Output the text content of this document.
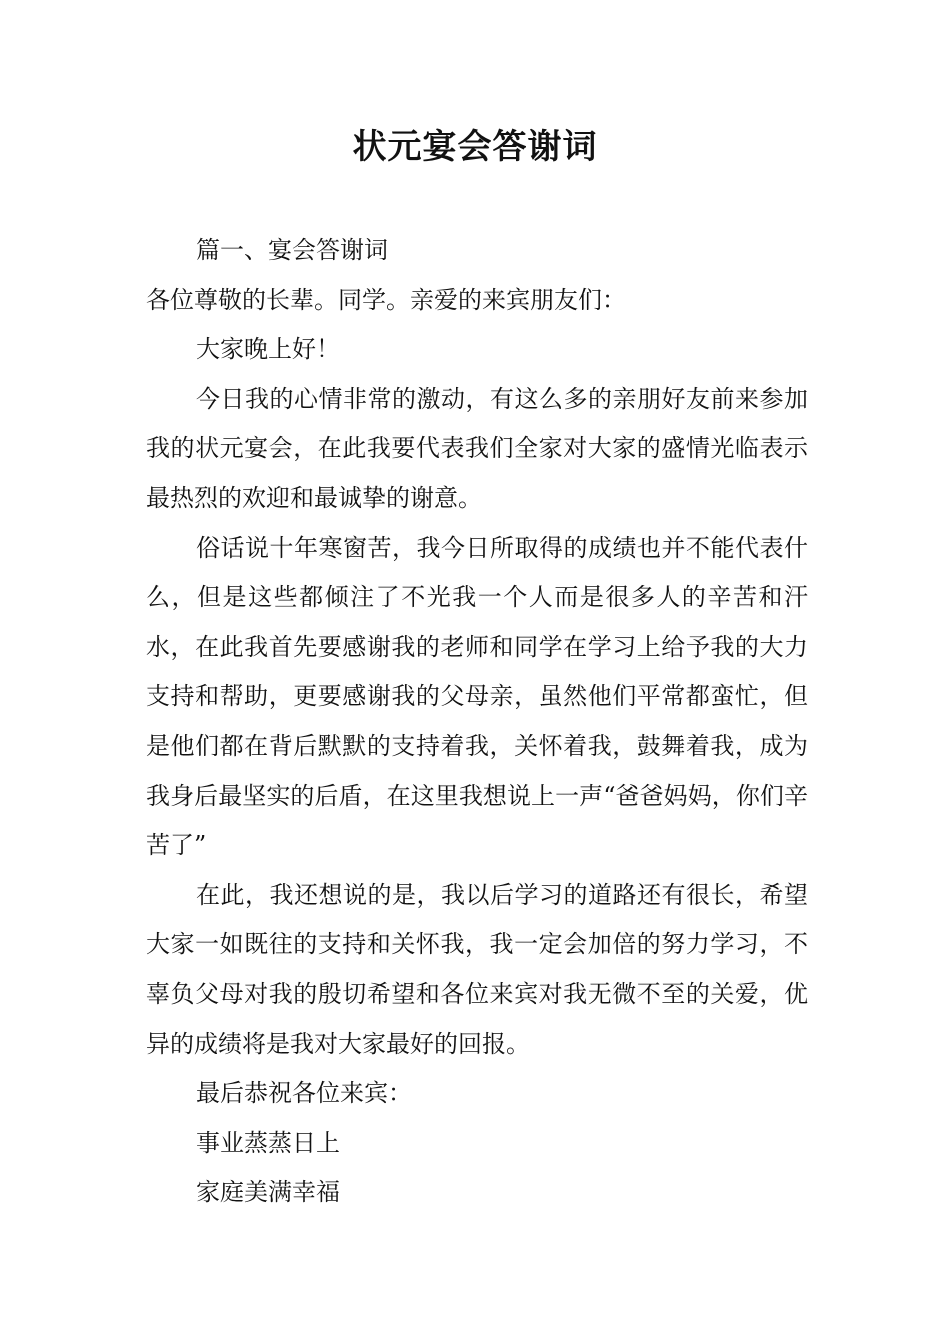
状元宴会答谢词

篇一、宴会答谢词

各位尊敬的长辈。同学。亲爱的来宾朋友们：

大家晚上好！

今日我的心情非常的激动，有这么多的亲朋好友前来参加我的状元宴会，在此我要代表我们全家对大家的盛情光临表示最热烈的欢迎和最诚挚的谢意。

俗话说十年寒窗苦，我今日所取得的成绩也并不能代表什么，但是这些都倾注了不光我一个人而是很多人的辛苦和汗水，在此我首先要感谢我的老师和同学在学习上给予我的大力支持和帮助，更要感谢我的父母亲，虽然他们平常都蛮忙，但是他们都在背后默默的支持着我，关怀着我，鼓舞着我，成为我身后最坚实的后盾，在这里我想说上一声“爸爸妈妈，你们辛苦了”

在此，我还想说的是，我以后学习的道路还有很长，希望大家一如既往的支持和关怀我，我一定会加倍的努力学习，不辜负父母对我的殷切希望和各位来宾对我无微不至的关爱，优异的成绩将是我对大家最好的回报。

最后恭祝各位来宾：

事业蒸蒸日上

家庭美满幸福
